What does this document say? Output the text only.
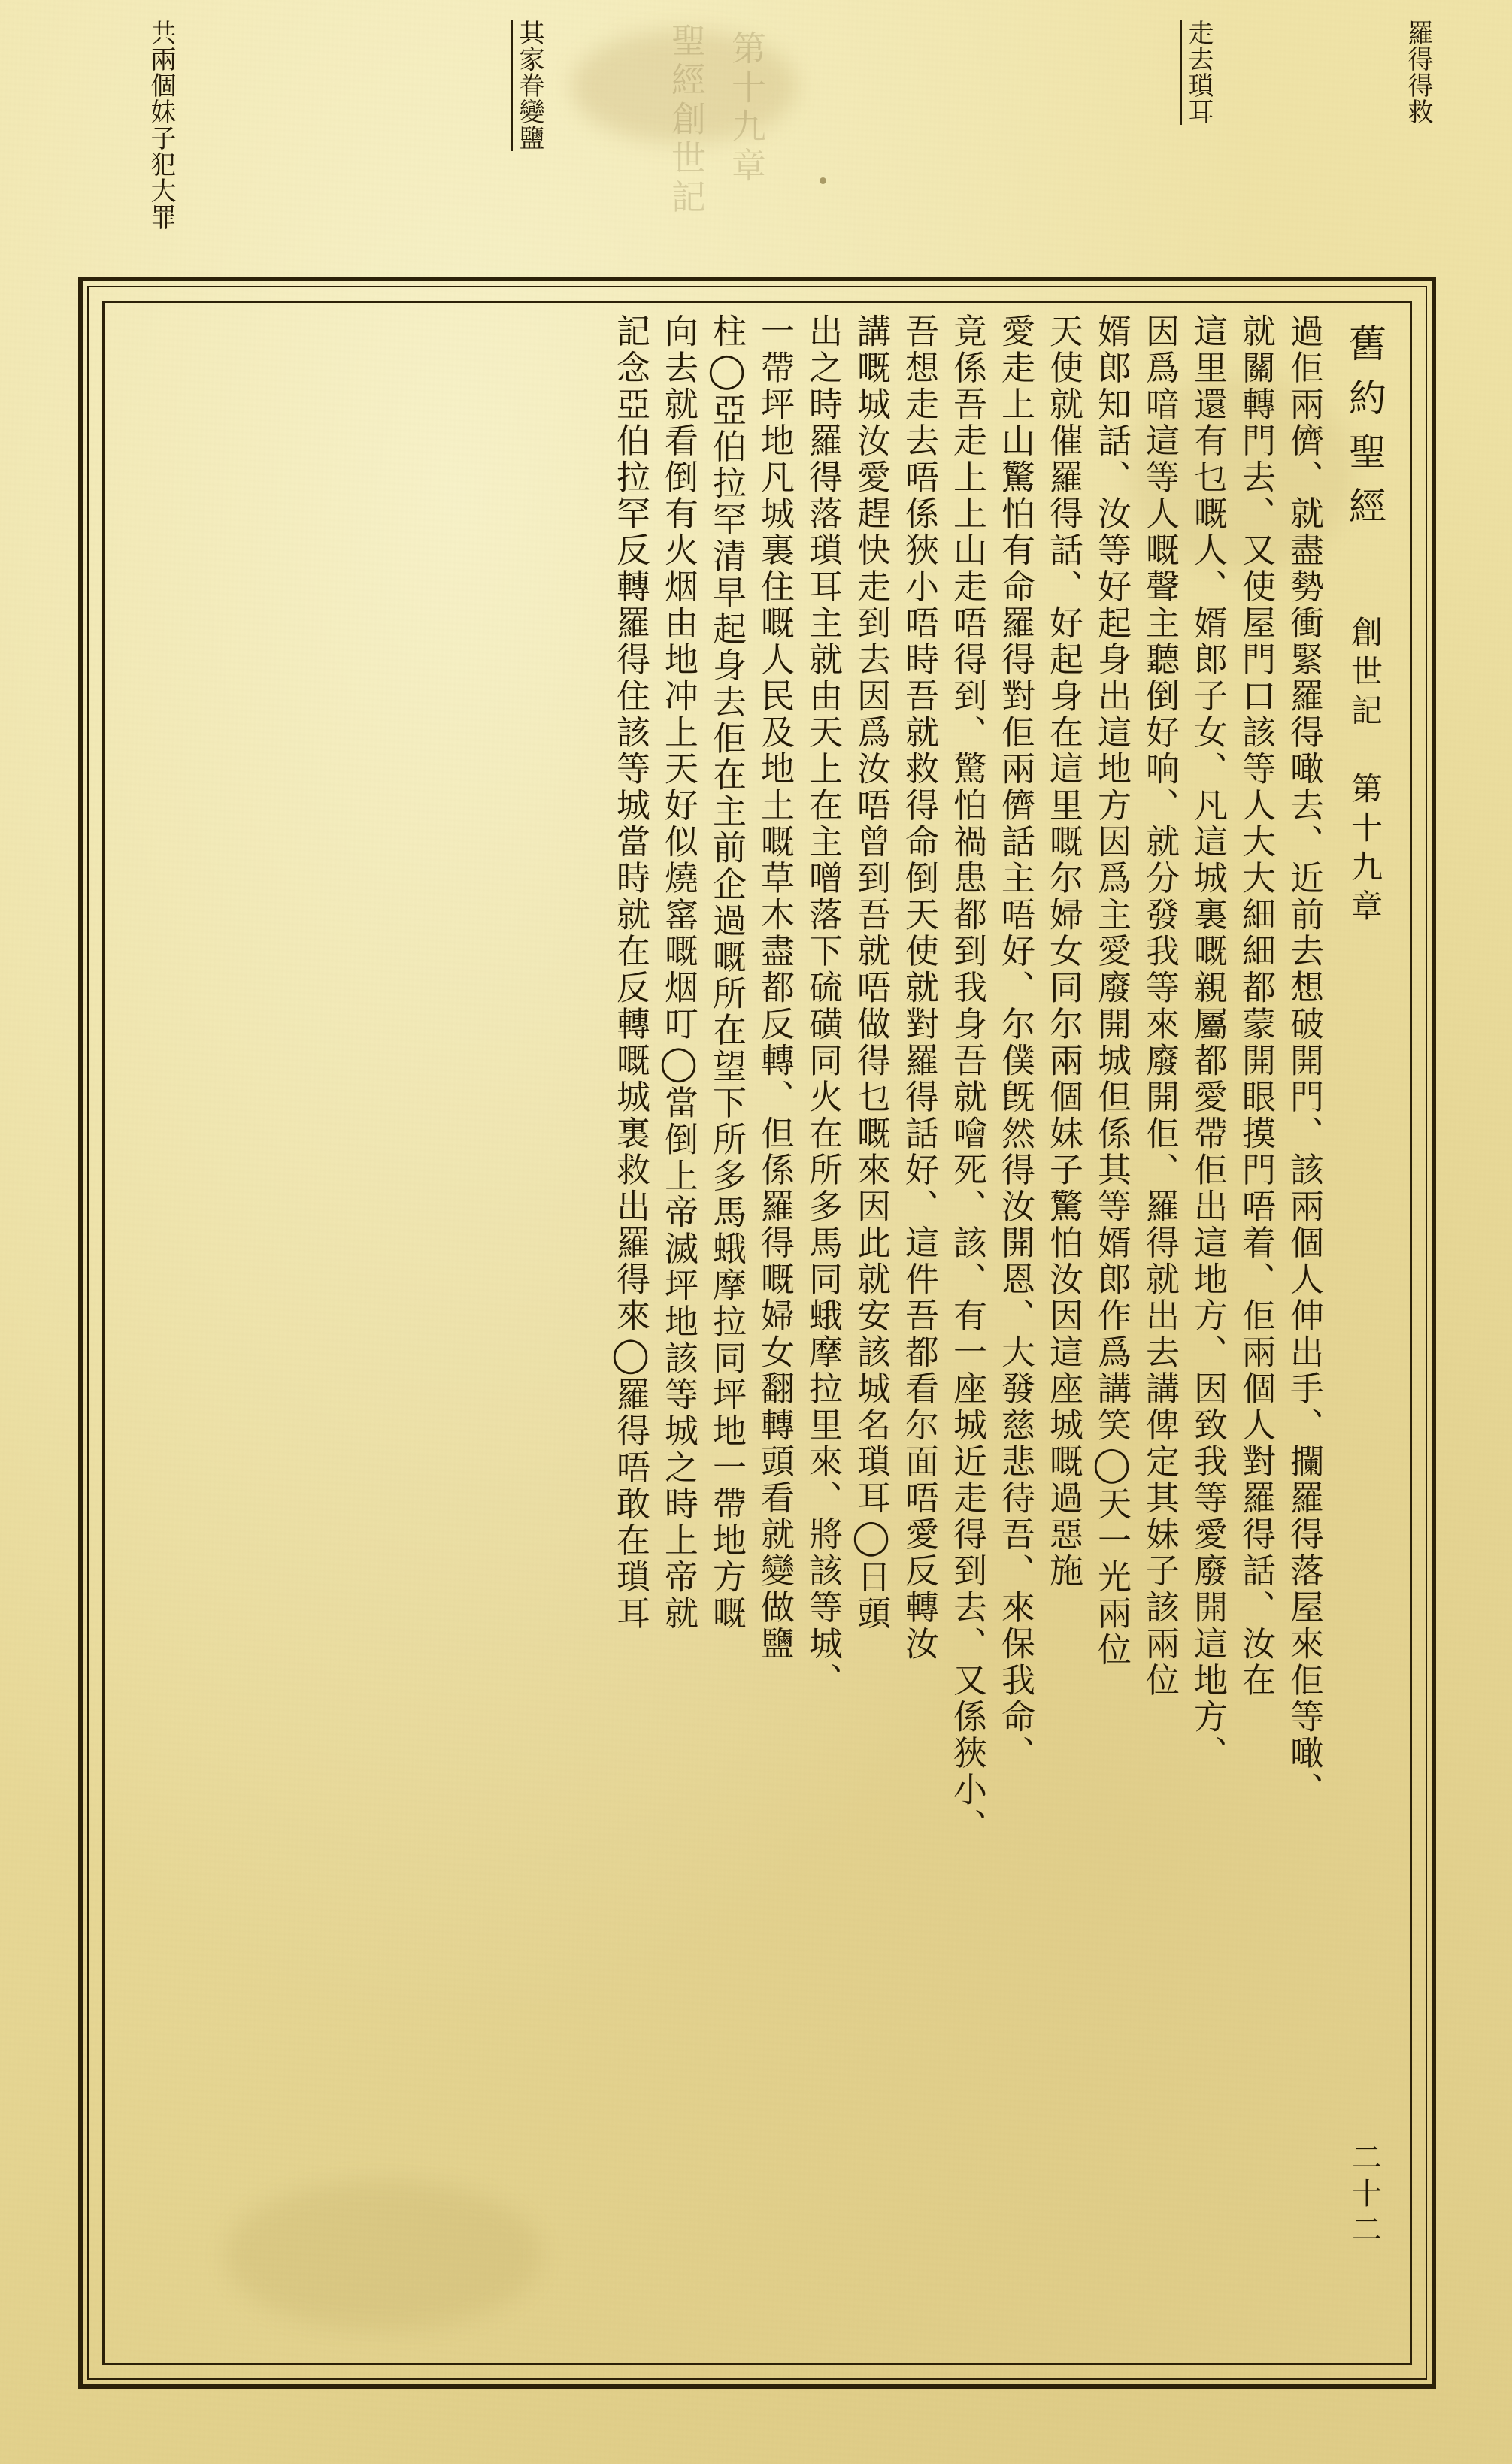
聖經創世記 第十九章	羅得得救
走去瑣耳
其家眷變鹽
共兩個妹子犯大罪
舊約聖經
創世記　第十九章
二十二
過佢兩儕、就盡勢衝緊羅得噉去、近前去想破開門、該兩個人伸出手、攔羅得落屋來佢等噉、
就關轉門去、又使屋門口該等人大大細細都蒙開眼摸門唔着、佢兩個人對羅得話、汝在
這里還有乜嘅人、婿郎子女、凡這城裏嘅親屬都愛帶佢出這地方、因致我等愛廢開這地方、
因爲喑這等人嘅聲主聽倒好响、就分發我等來廢開佢、羅得就出去講俾定其妹子該兩位
婿郎知話、汝等好起身出這地方因爲主愛廢開城但係其等婿郎作爲講笑◯天一光兩位
天使就催羅得話、好起身在這里嘅尔婦女同尔兩個妹子驚怕汝因這座城嘅過惡施
愛走上山驚怕有命羅得對佢兩儕話主唔好、尔僕旣然得汝開恩、大發慈悲待吾、來保我命、
竟係吾走上上山走唔得到、驚怕禍患都到我身吾就噲死、該、有一座城近走得到去、又係狹小、
吾想走去唔係狹小唔時吾就救得命倒天使就對羅得話好、這件吾都看尔面唔愛反轉汝
講嘅城汝愛趕快走到去因爲汝唔曾到吾就唔做得乜嘅來因此就安該城名瑣耳◯日頭
出之時羅得落瑣耳主就由天上在主噌落下硫磺同火在所多馬同蛾摩拉里來、將該等城、
一帶坪地凡城裏住嘅人民及地土嘅草木盡都反轉、但係羅得嘅婦女翻轉頭看就變做鹽
柱◯亞伯拉罕清早起身去佢在主前企過嘅所在望下所多馬蛾摩拉同坪地一帶地方嘅
向去就看倒有火烟由地冲上天好似燒窰嘅烟叮◯當倒上帝滅坪地該等城之時上帝就
記念亞伯拉罕反轉羅得住該等城當時就在反轉嘅城裏救出羅得來◯羅得唔敢在瑣耳
